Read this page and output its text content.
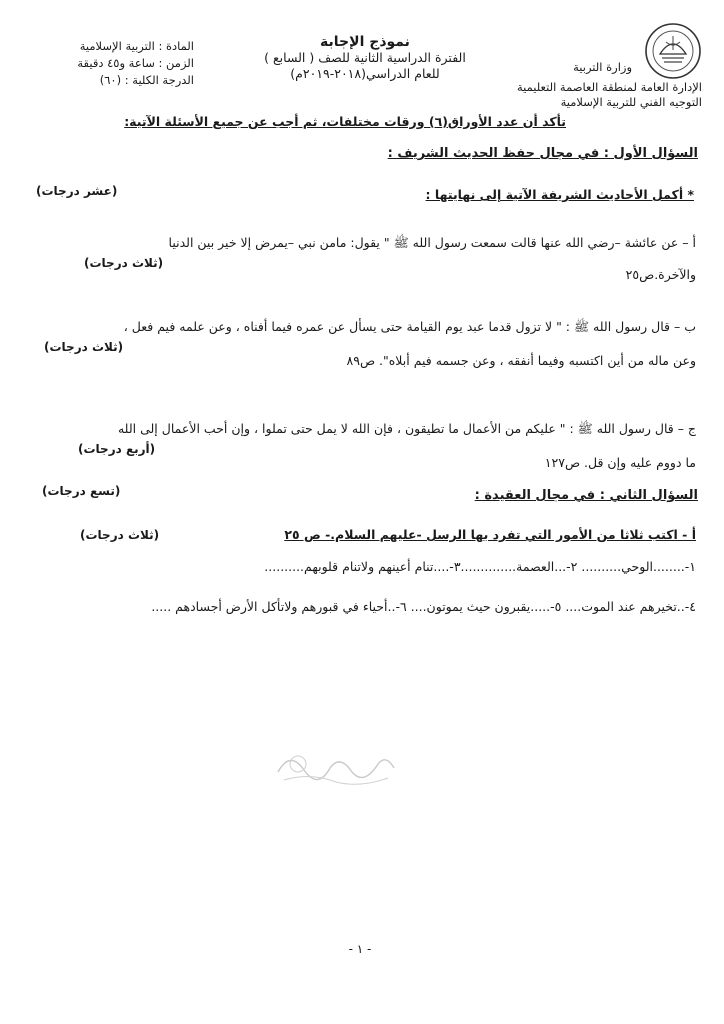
وزارة التربية
الإدارة العامة لمنطقة العاصمة التعليمية
التوجيه الفني للتربية الإسلامية
نموذج الإجابة
الفترة الدراسية الثانية للصف ( السابع )
للعام الدراسي(٢٠١٨-٢٠١٩م)
المادة : التربية الإسلامية
الزمن : ساعة و٤٥ دقيقة
الدرجة الكلية : (٦٠)
تأكد أن عدد الأوراق(٦) ورقات مختلفات، ثم أجب عن جميع الأسئلة الآتية:
السؤال الأول : في مجال حفظ الحديث الشريف :
* أكمل الأحاديث الشريفة الآتية إلى نهايتها :
(عشر درجات)
أ – عن عائشة –رضي الله عنها قالت سمعت رسول الله ﷺ " يقول: مامن نبي –يمرض إلا خير بين الدنيا
والآخرة.ص٢٥
(ثلاث درجات)
ب – قال رسول الله ﷺ : " لا تزول قدما عبد يوم القيامة حتى يسأل عن عمره فيما أفناه ، وعن علمه فيم فعل ،
(ثلاث درجات)
وعن ماله من أين اكتسبه وفيما أنفقه ، وعن جسمه فيم أبلاه". ص٨٩
ج – قال رسول الله ﷺ : " عليكم من الأعمال ما تطيقون ، فإن الله لا يمل حتى تملوا ، وإن أحب الأعمال إلى الله
(أربع درجات)
ما دووم عليه وإن قل. ص١٢٧
السؤال الثاني : في مجال العقيدة :
(تسع درجات)
أ - اكتب ثلاثا من الأمور التي تفرد بها الرسل -عليهم السلام.- ص ٢٥
(ثلاث درجات)
١-........الوحي.......... ٢-...العصمة..............٣-....تنام أعينهم ولاتنام قلوبهم..........
٤-..تخيرهم عند الموت.... ٥-.....يقبرون حيث يموتون.... ٦-..أحياء في قبورهم ولاتأكل الأرض أجسادهم .....
- ١ -
